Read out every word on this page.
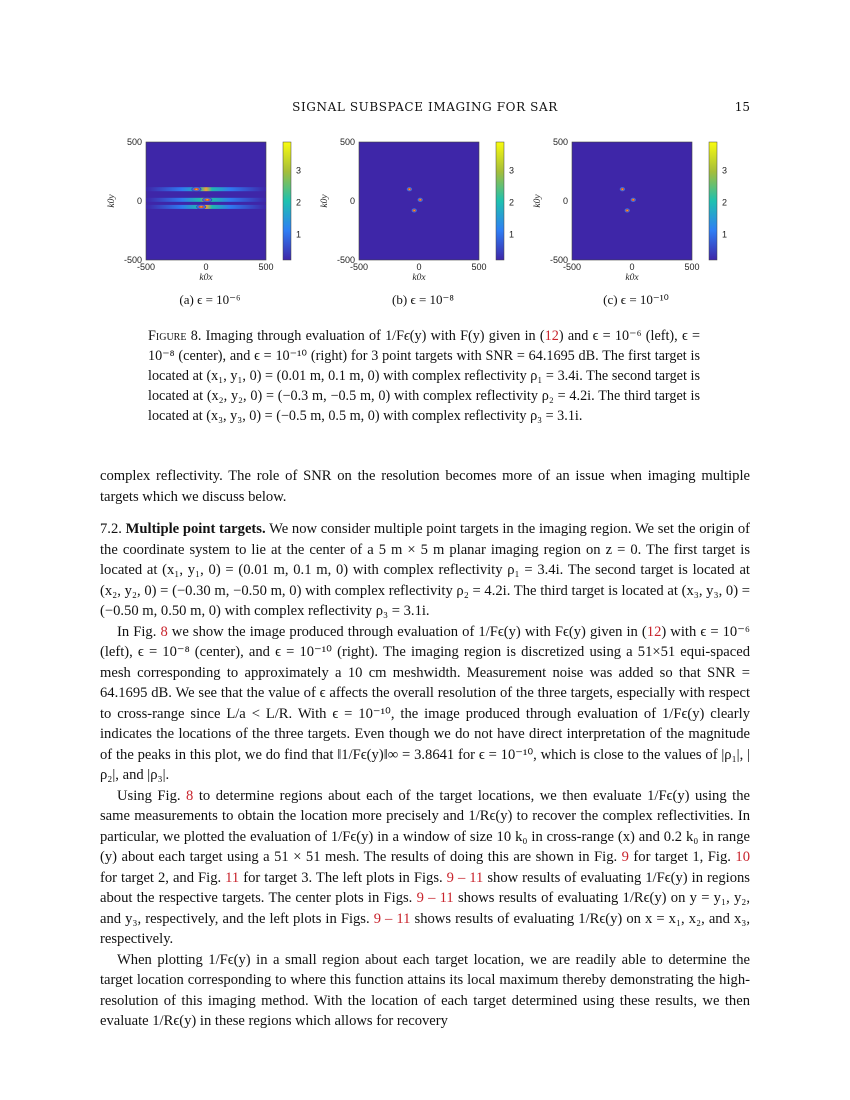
SIGNAL SUBSPACE IMAGING FOR SAR	15
-500	0	500
500
0
-500
k0x
k0y
3
2
1
-500	0	500
500
0
-500
k0x
k0y
3
2
1
-500	0	500
500
0
-500
k0x
k0y
3
2
1
(a) ϵ = 10⁻⁶	(b) ϵ = 10⁻⁸	(c) ϵ = 10⁻¹⁰
Figure 8. Imaging through evaluation of 1/Fϵ(y) with F(y) given in (12) and ϵ = 10⁻⁶ (left), ϵ = 10⁻⁸ (center), and ϵ = 10⁻¹⁰ (right) for 3 point targets with SNR = 64.1695 dB. The first target is located at (x₁, y₁, 0) = (0.01 m, 0.1 m, 0) with complex reflectivity ρ₁ = 3.4i. The second target is located at (x₂, y₂, 0) = (−0.3 m, −0.5 m, 0) with complex reflectivity ρ₂ = 4.2i. The third target is located at (x₃, y₃, 0) = (−0.5 m, 0.5 m, 0) with complex reflectivity ρ₃ = 3.1i.

complex reflectivity. The role of SNR on the resolution becomes more of an issue when imaging multiple targets which we discuss below.

7.2. Multiple point targets. We now consider multiple point targets in the imaging region. We set the origin of the coordinate system to lie at the center of a 5 m × 5 m planar imaging region on z = 0. The first target is located at (x₁, y₁, 0) = (0.01 m, 0.1 m, 0) with complex reflectivity ρ₁ = 3.4i. The second target is located at (x₂, y₂, 0) = (−0.30 m, −0.50 m, 0) with complex reflectivity ρ₂ = 4.2i. The third target is located at (x₃, y₃, 0) = (−0.50 m, 0.50 m, 0) with complex reflectivity ρ₃ = 3.1i.

In Fig. 8 we show the image produced through evaluation of 1/Fϵ(y) with Fϵ(y) given in (12) with ϵ = 10⁻⁶ (left), ϵ = 10⁻⁸ (center), and ϵ = 10⁻¹⁰ (right). The imaging region is discretized using a 51×51 equi-spaced mesh corresponding to approximately a 10 cm meshwidth. Measurement noise was added so that SNR = 64.1695 dB. We see that the value of ϵ affects the overall resolution of the three targets, especially with respect to cross-range since L/a < L/R. With ϵ = 10⁻¹⁰, the image produced through evaluation of 1/Fϵ(y) clearly indicates the locations of the three targets. Even though we do not have direct interpretation of the magnitude of the peaks in this plot, we do find that ‖1/Fϵ(y)‖∞ = 3.8641 for ϵ = 10⁻¹⁰, which is close to the values of |ρ₁|, |ρ₂|, and |ρ₃|.

Using Fig. 8 to determine regions about each of the target locations, we then evaluate 1/Fϵ(y) using the same measurements to obtain the location more precisely and 1/Rϵ(y) to recover the complex reflectivities. In particular, we plotted the evaluation of 1/Fϵ(y) in a window of size 10 k₀ in cross-range (x) and 0.2 k₀ in range (y) about each target using a 51 × 51 mesh. The results of doing this are shown in Fig. 9 for target 1, Fig. 10 for target 2, and Fig. 11 for target 3. The left plots in Figs. 9 – 11 show results of evaluating 1/Fϵ(y) in regions about the respective targets. The center plots in Figs. 9 – 11 shows results of evaluating 1/Rϵ(y) on y = y₁, y₂, and y₃, respectively, and the left plots in Figs. 9 – 11 shows results of evaluating 1/Rϵ(y) on x = x₁, x₂, and x₃, respectively.

When plotting 1/Fϵ(y) in a small region about each target location, we are readily able to determine the target location corresponding to where this function attains its local maximum thereby demonstrating the high-resolution of this imaging method. With the location of each target determined using these results, we then evaluate 1/Rϵ(y) in these regions which allows for recovery
